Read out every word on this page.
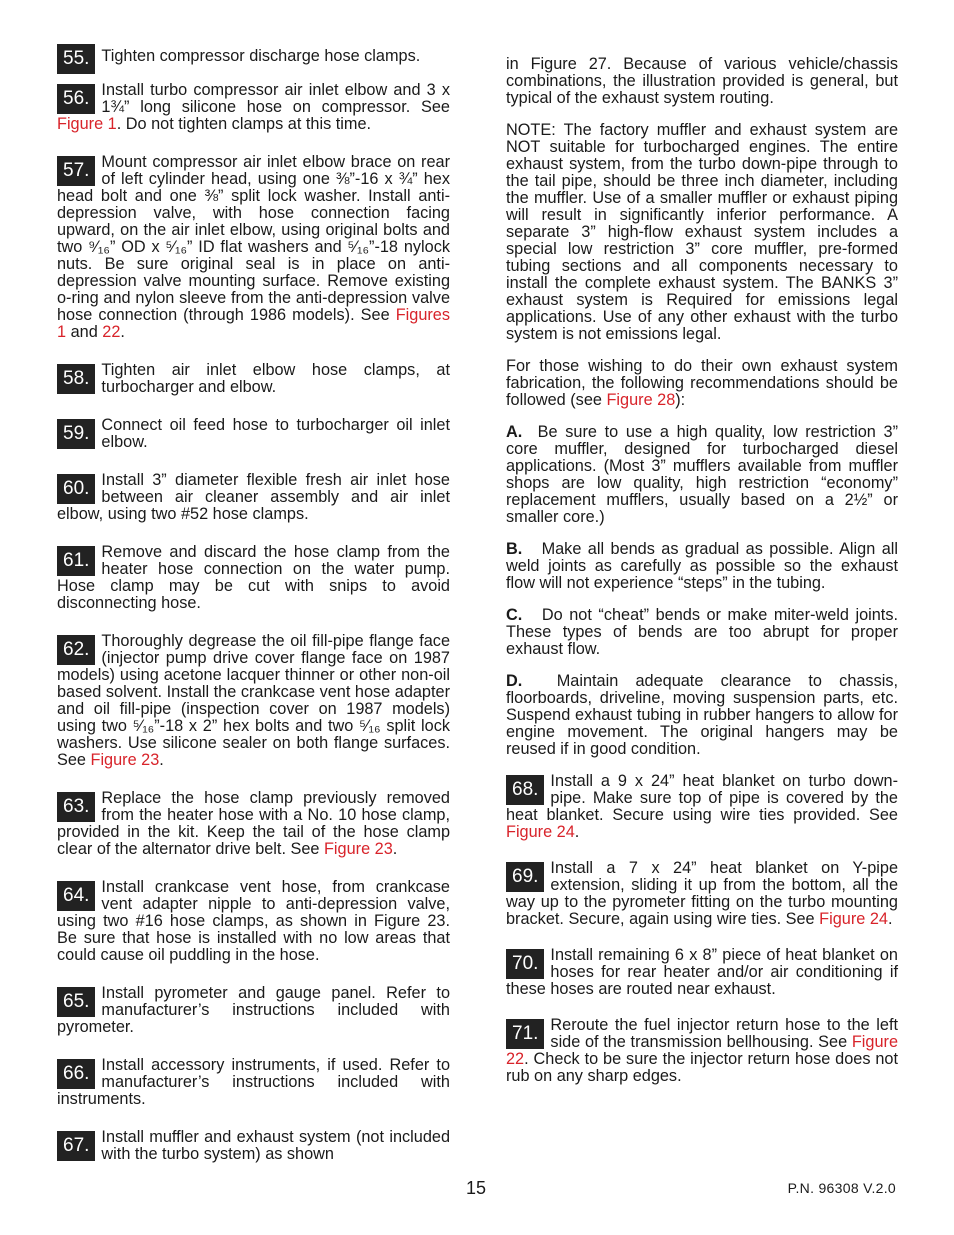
55. Tighten compressor discharge hose clamps.
56. Install turbo compressor air inlet elbow and 3 x 1¾” long silicone hose on compressor. See Figure 1. Do not tighten clamps at this time.
57. Mount compressor air inlet elbow brace on rear of left cylinder head, using one ⅜”-16 x ¾” hex head bolt and one ⅜” split lock washer. Install anti-depression valve, with hose connection facing upward, on the air inlet elbow, using original bolts and two ⁹⁄₁₆” OD x ⁵⁄₁₆” ID flat washers and ⁵⁄₁₆”-18 nylock nuts. Be sure original seal is in place on anti-depression valve mounting surface. Remove existing o-ring and nylon sleeve from the anti-depression valve hose connection (through 1986 models). See Figures 1 and 22.
58. Tighten air inlet elbow hose clamps, at turbocharger and elbow.
59. Connect oil feed hose to turbocharger oil inlet elbow.
60. Install 3” diameter flexible fresh air inlet hose between air cleaner assembly and air inlet elbow, using two #52 hose clamps.
61. Remove and discard the hose clamp from the heater hose connection on the water pump. Hose clamp may be cut with snips to avoid disconnecting hose.
62. Thoroughly degrease the oil fill-pipe flange face (injector pump drive cover flange face on 1987 models) using acetone lacquer thinner or other non-oil based solvent. Install the crankcase vent hose adapter and oil fill-pipe (inspection cover on 1987 models) using two ⁵⁄₁₆”-18 x 2” hex bolts and two ⁵⁄₁₆ split lock washers. Use silicone sealer on both flange surfaces. See Figure 23.
63. Replace the hose clamp previously removed from the heater hose with a No. 10 hose clamp, provided in the kit. Keep the tail of the hose clamp clear of the alternator drive belt. See Figure 23.
64. Install crankcase vent hose, from crankcase vent adapter nipple to anti-depression valve, using two #16 hose clamps, as shown in Figure 23. Be sure that hose is installed with no low areas that could cause oil puddling in the hose.
65. Install pyrometer and gauge panel. Refer to manufacturer’s instructions included with pyrometer.
66. Install accessory instruments, if used. Refer to manufacturer’s instructions included with instruments.
67. Install muffler and exhaust system (not included with the turbo system) as shown

in Figure 27. Because of various vehicle/chassis combinations, the illustration provided is general, but typical of the exhaust system routing.

NOTE: The factory muffler and exhaust system are NOT suitable for turbocharged engines. The entire exhaust system, from the turbo down-pipe through to the tail pipe, should be three inch diameter, including the muffler. Use of a smaller muffler or exhaust piping will result in significantly inferior performance. A separate 3” high-flow exhaust system includes a special low restriction 3” core muffler, pre-formed tubing sections and all components necessary to install the complete exhaust system. The BANKS 3” exhaust system is Required for emissions legal applications. Use of any other exhaust with the turbo system is not emissions legal.

For those wishing to do their own exhaust system fabrication, the following recommendations should be followed (see Figure 28):

A. Be sure to use a high quality, low restriction 3” core muffler, designed for turbocharged diesel applications. (Most 3” mufflers available from muffler shops are low quality, high restriction “economy” replacement mufflers, usually based on a 2½” or smaller core.)

B. Make all bends as gradual as possible. Align all weld joints as carefully as possible so the exhaust flow will not experience “steps” in the tubing.

C. Do not “cheat” bends or make miter-weld joints. These types of bends are too abrupt for proper exhaust flow.

D. Maintain adequate clearance to chassis, floorboards, driveline, moving suspension parts, etc. Suspend exhaust tubing in rubber hangers to allow for engine movement. The original hangers may be reused if in good condition.

68. Install a 9 x 24” heat blanket on turbo down-pipe. Make sure top of pipe is covered by the heat blanket. Secure using wire ties provided. See Figure 24.
69. Install a 7 x 24” heat blanket on Y-pipe extension, sliding it up from the bottom, all the way up to the pyrometer fitting on the turbo mounting bracket. Secure, again using wire ties. See Figure 24.
70. Install remaining 6 x 8” piece of heat blanket on hoses for rear heater and/or air conditioning if these hoses are routed near exhaust.
71. Reroute the fuel injector return hose to the left side of the transmission bellhousing. See Figure 22. Check to be sure the injector return hose does not rub on any sharp edges.
15	P.N. 96308 V.2.0
